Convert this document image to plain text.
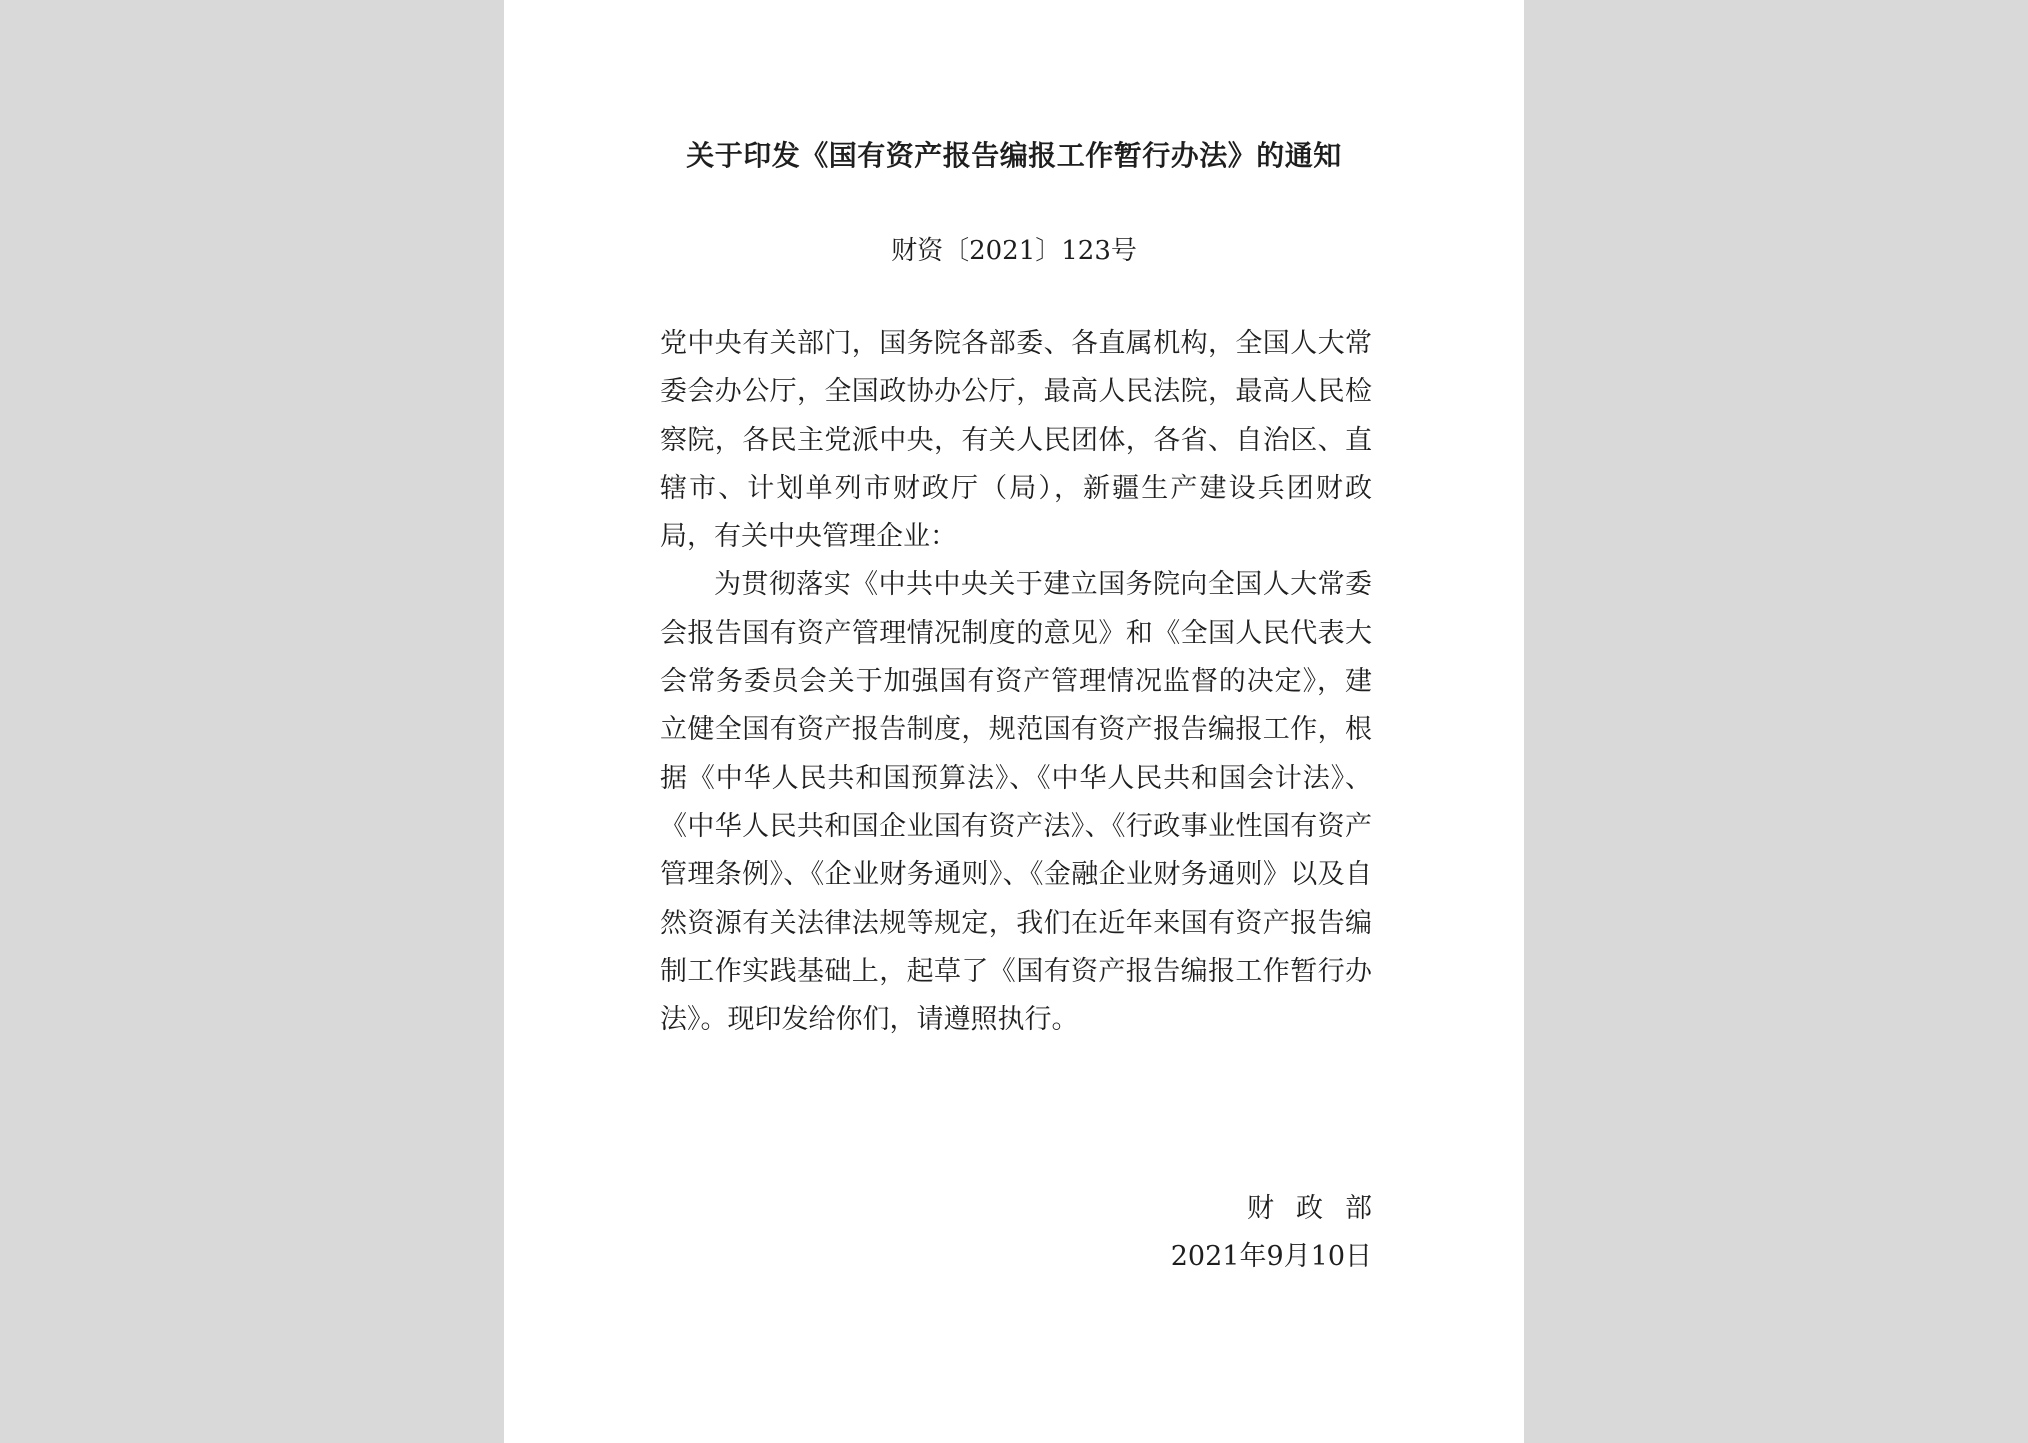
关于印发《国有资产报告编报工作暂行办法》的通知
财资〔2021〕123号

党中央有关部门，国务院各部委、各直属机构，全国人大常委会办公厅，全国政协办公厅，最高人民法院，最高人民检察院，各民主党派中央，有关人民团体，各省、自治区、直辖市、计划单列市财政厅（局），新疆生产建设兵团财政局，有关中央管理企业：

为贯彻落实《中共中央关于建立国务院向全国人大常委会报告国有资产管理情况制度的意见》和《全国人民代表大会常务委员会关于加强国有资产管理情况监督的决定》，建立健全国有资产报告制度，规范国有资产报告编报工作，根据《中华人民共和国预算法》、《中华人民共和国会计法》、《中华人民共和国企业国有资产法》、《行政事业性国有资产管理条例》、《企业财务通则》、《金融企业财务通则》以及自然资源有关法律法规等规定，我们在近年来国有资产报告编制工作实践基础上，起草了《国有资产报告编报工作暂行办法》。现印发给你们，请遵照执行。

财政部
2021年9月10日
